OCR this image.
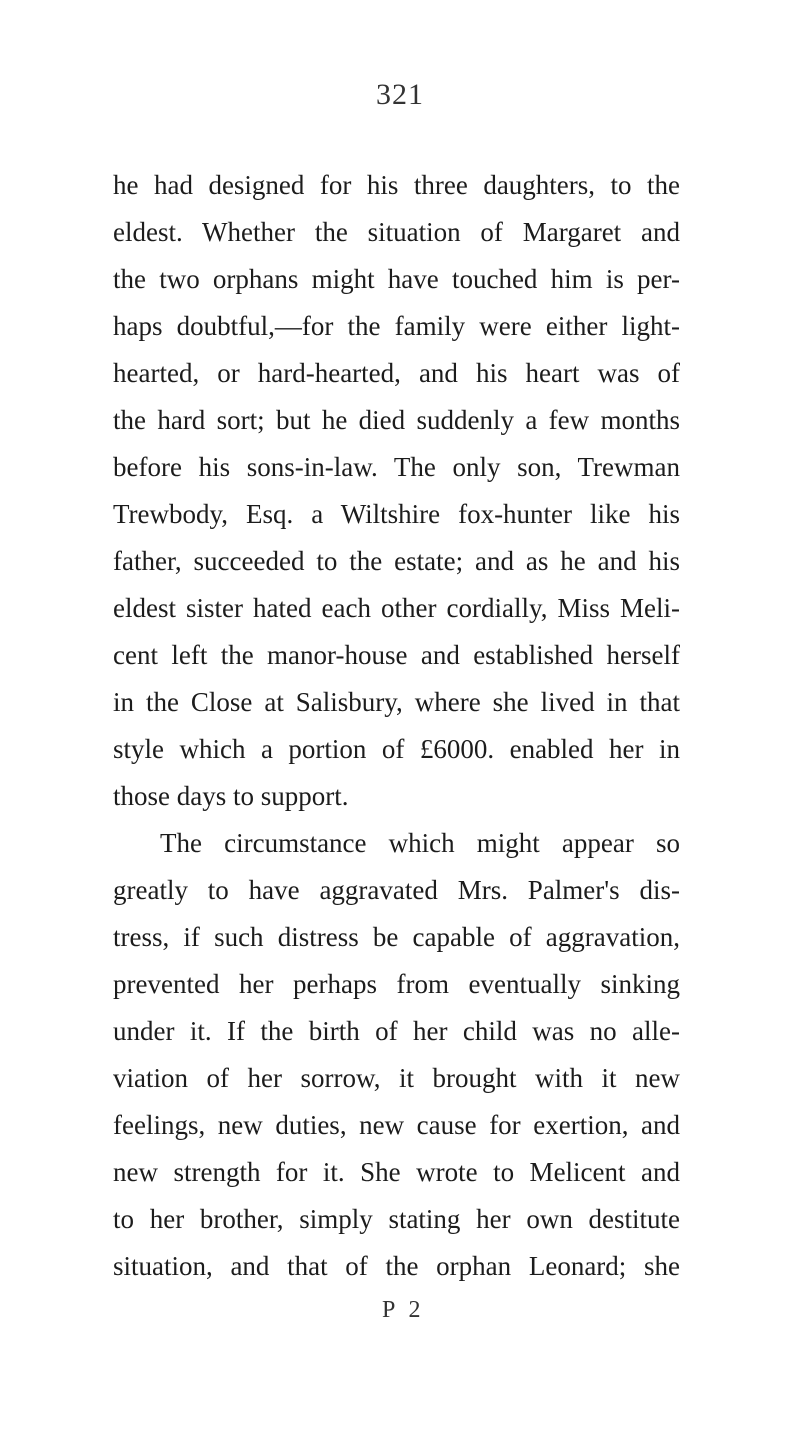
321
he had designed for his three daughters, to the
eldest. Whether the situation of Margaret and
the two orphans might have touched him is per-
haps doubtful,—for the family were either light-
hearted, or hard-hearted, and his heart was of
the hard sort; but he died suddenly a few months
before his sons-in-law. The only son, Trewman
Trewbody, Esq. a Wiltshire fox-hunter like his
father, succeeded to the estate; and as he and his
eldest sister hated each other cordially, Miss Meli-
cent left the manor-house and established herself
in the Close at Salisbury, where she lived in that
style which a portion of £6000. enabled her in
those days to support.
The circumstance which might appear so
greatly to have aggravated Mrs. Palmer's dis-
tress, if such distress be capable of aggravation,
prevented her perhaps from eventually sinking
under it. If the birth of her child was no alle-
viation of her sorrow, it brought with it new
feelings, new duties, new cause for exertion, and
new strength for it. She wrote to Melicent and
to her brother, simply stating her own destitute
situation, and that of the orphan Leonard; she
P 2
